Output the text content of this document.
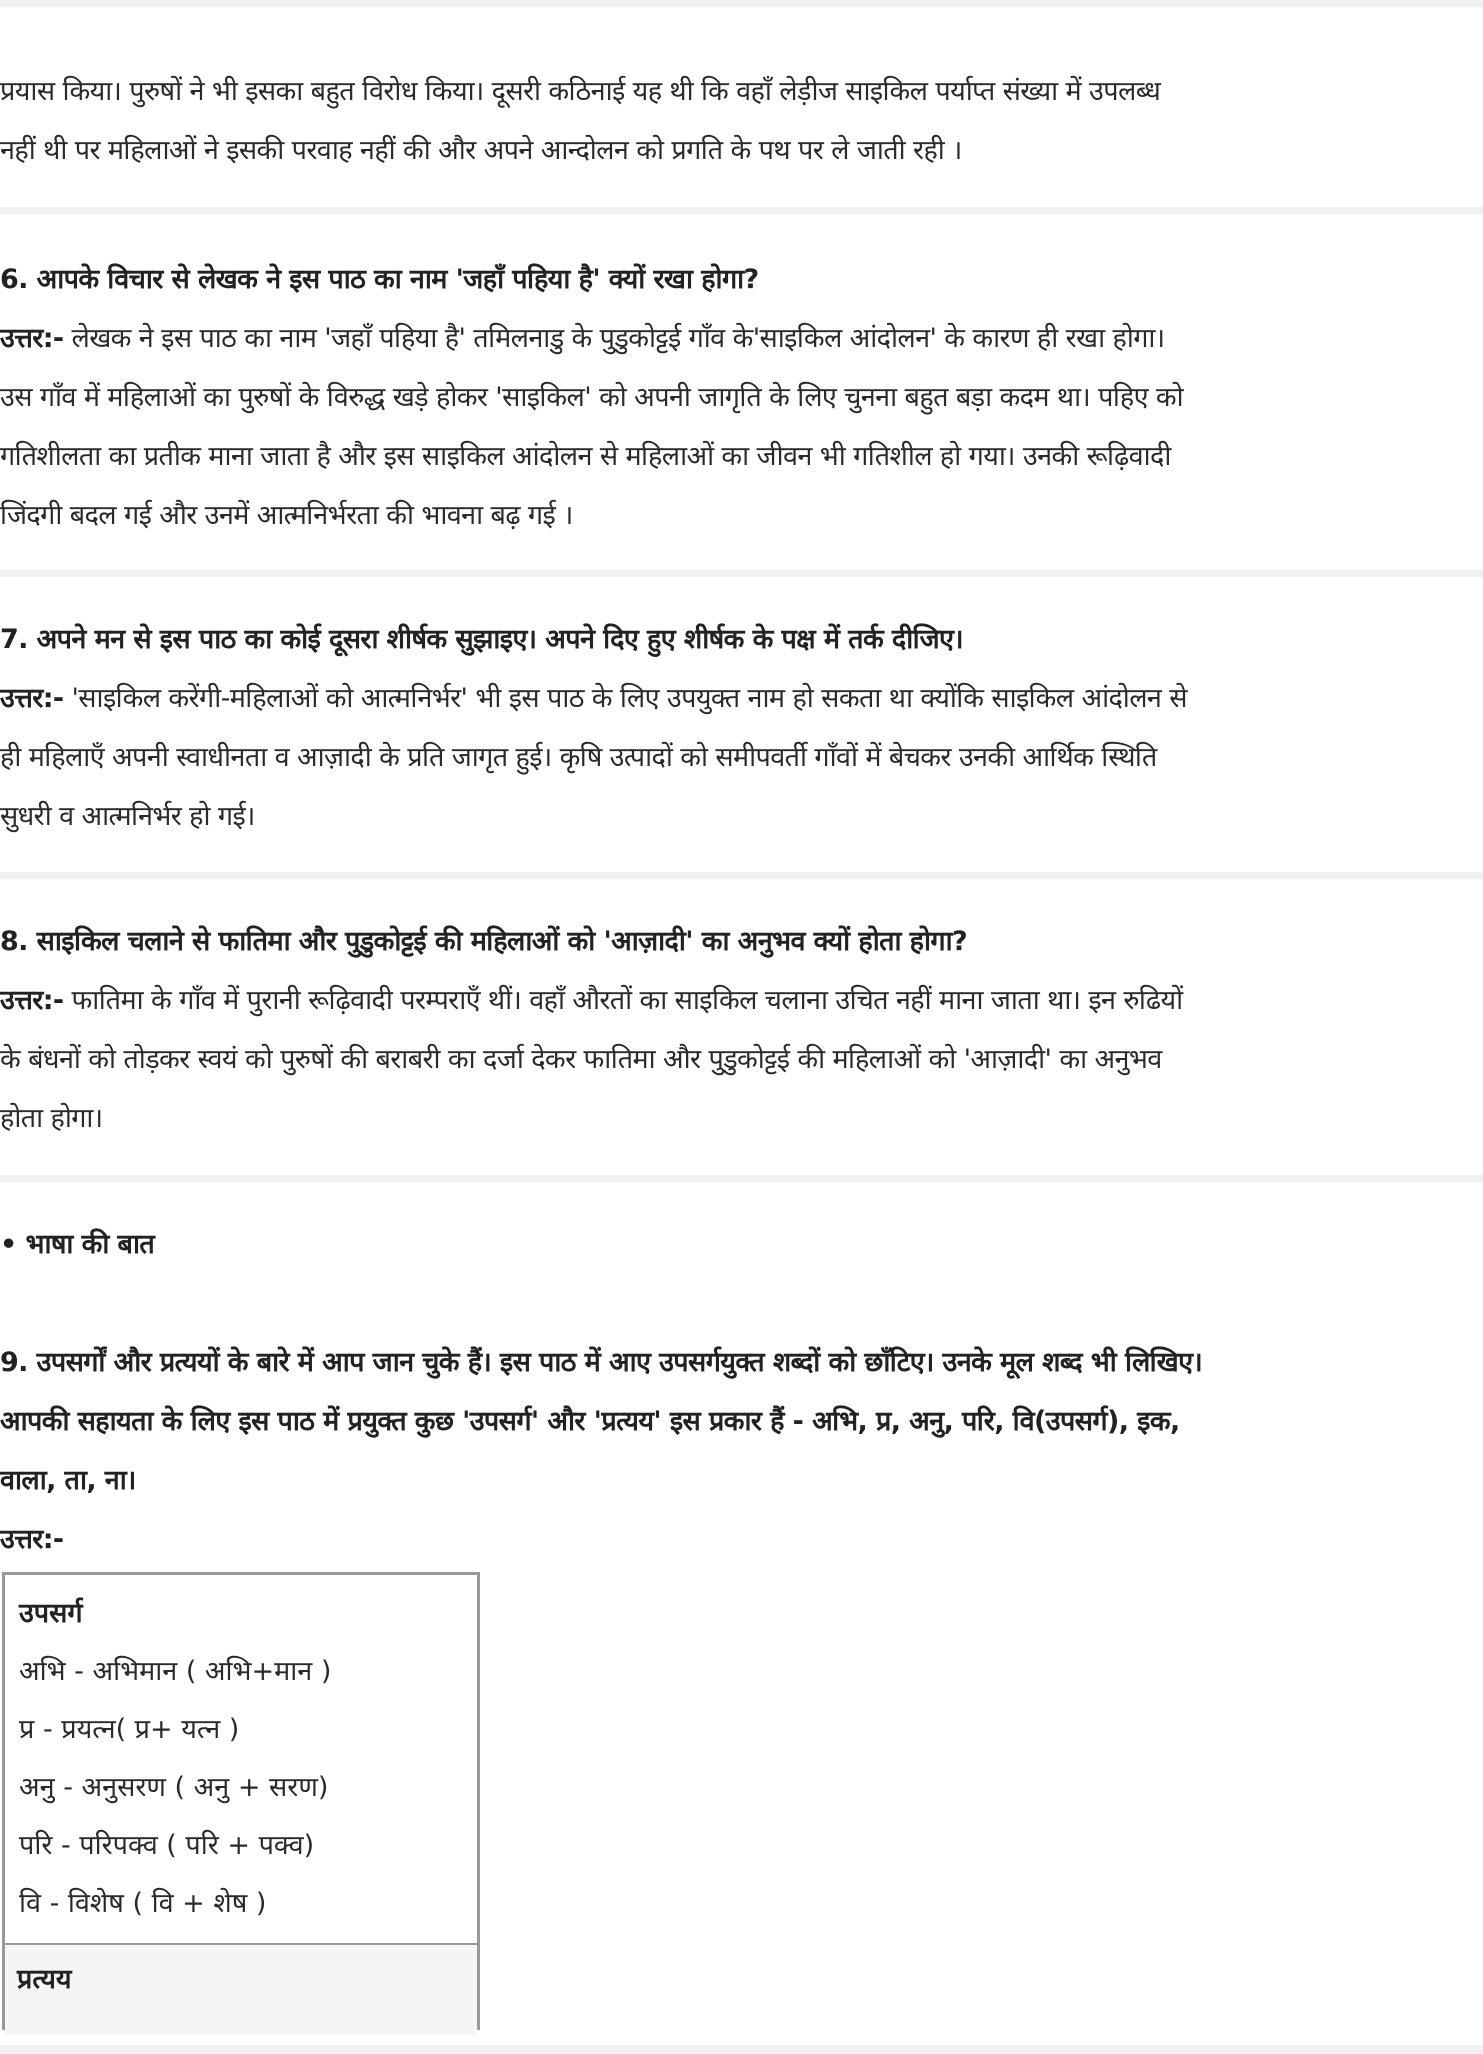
प्रयास किया। पुरुषों ने भी इसका बहुत विरोध किया। दूसरी कठिनाई यह थी कि वहाँ लेड़ीज साइकिल पर्याप्त संख्या में उपलब्ध
नहीं थी पर महिलाओं ने इसकी परवाह नहीं की और अपने आन्दोलन को प्रगति के पथ पर ले जाती रही ।
6. आपके विचार से लेखक ने इस पाठ का नाम 'जहाँ पहिया है' क्यों रखा होगा?
उत्तर:- लेखक ने इस पाठ का नाम 'जहाँ पहिया है' तमिलनाडु के पुडुकोट्टई गाँव के'साइकिल आंदोलन' के कारण ही रखा होगा।
उस गाँव में महिलाओं का पुरुषों के विरुद्ध खड़े होकर 'साइकिल' को अपनी जागृति के लिए चुनना बहुत बड़ा कदम था। पहिए को
गतिशीलता का प्रतीक माना जाता है और इस साइकिल आंदोलन से महिलाओं का जीवन भी गतिशील हो गया। उनकी रूढ़िवादी
जिंदगी बदल गई और उनमें आत्मनिर्भरता की भावना बढ़ गई ।
7. अपने मन से इस पाठ का कोई दूसरा शीर्षक सुझाइए। अपने दिए हुए शीर्षक के पक्ष में तर्क दीजिए।
उत्तर:- 'साइकिल करेंगी-महिलाओं को आत्मनिर्भर' भी इस पाठ के लिए उपयुक्त नाम हो सकता था क्योंकि साइकिल आंदोलन से
ही महिलाएँ अपनी स्वाधीनता व आज़ादी के प्रति जागृत हुई। कृषि उत्पादों को समीपवर्ती गाँवों में बेचकर उनकी आर्थिक स्थिति
सुधरी व आत्मनिर्भर हो गई।
8. साइकिल चलाने से फातिमा और पुडुकोट्टई की महिलाओं को 'आज़ादी' का अनुभव क्यों होता होगा?
उत्तर:- फातिमा के गाँव में पुरानी रूढ़िवादी परम्पराएँ थीं। वहाँ औरतों का साइकिल चलाना उचित नहीं माना जाता था। इन रुढियों
के बंधनों को तोड़कर स्वयं को पुरुषों की बराबरी का दर्जा देकर फातिमा और पुडुकोट्टई की महिलाओं को 'आज़ादी' का अनुभव
होता होगा।
• भाषा की बात
9. उपसर्गों और प्रत्ययों के बारे में आप जान चुके हैं। इस पाठ में आए उपसर्गयुक्त शब्दों को छाँटिए। उनके मूल शब्द भी लिखिए।
आपकी सहायता के लिए इस पाठ में प्रयुक्त कुछ 'उपसर्ग' और 'प्रत्यय' इस प्रकार हैं - अभि, प्र, अनु, परि, वि(उपसर्ग), इक,
वाला, ता, ना।
उत्तर:-
उपसर्ग
अभि - अभिमान ( अभि+मान )
प्र - प्रयत्न( प्र+ यत्न )
अनु - अनुसरण ( अनु + सरण)
परि - परिपक्व ( परि + पक्व)
वि - विशेष ( वि + शेष )
प्रत्यय
